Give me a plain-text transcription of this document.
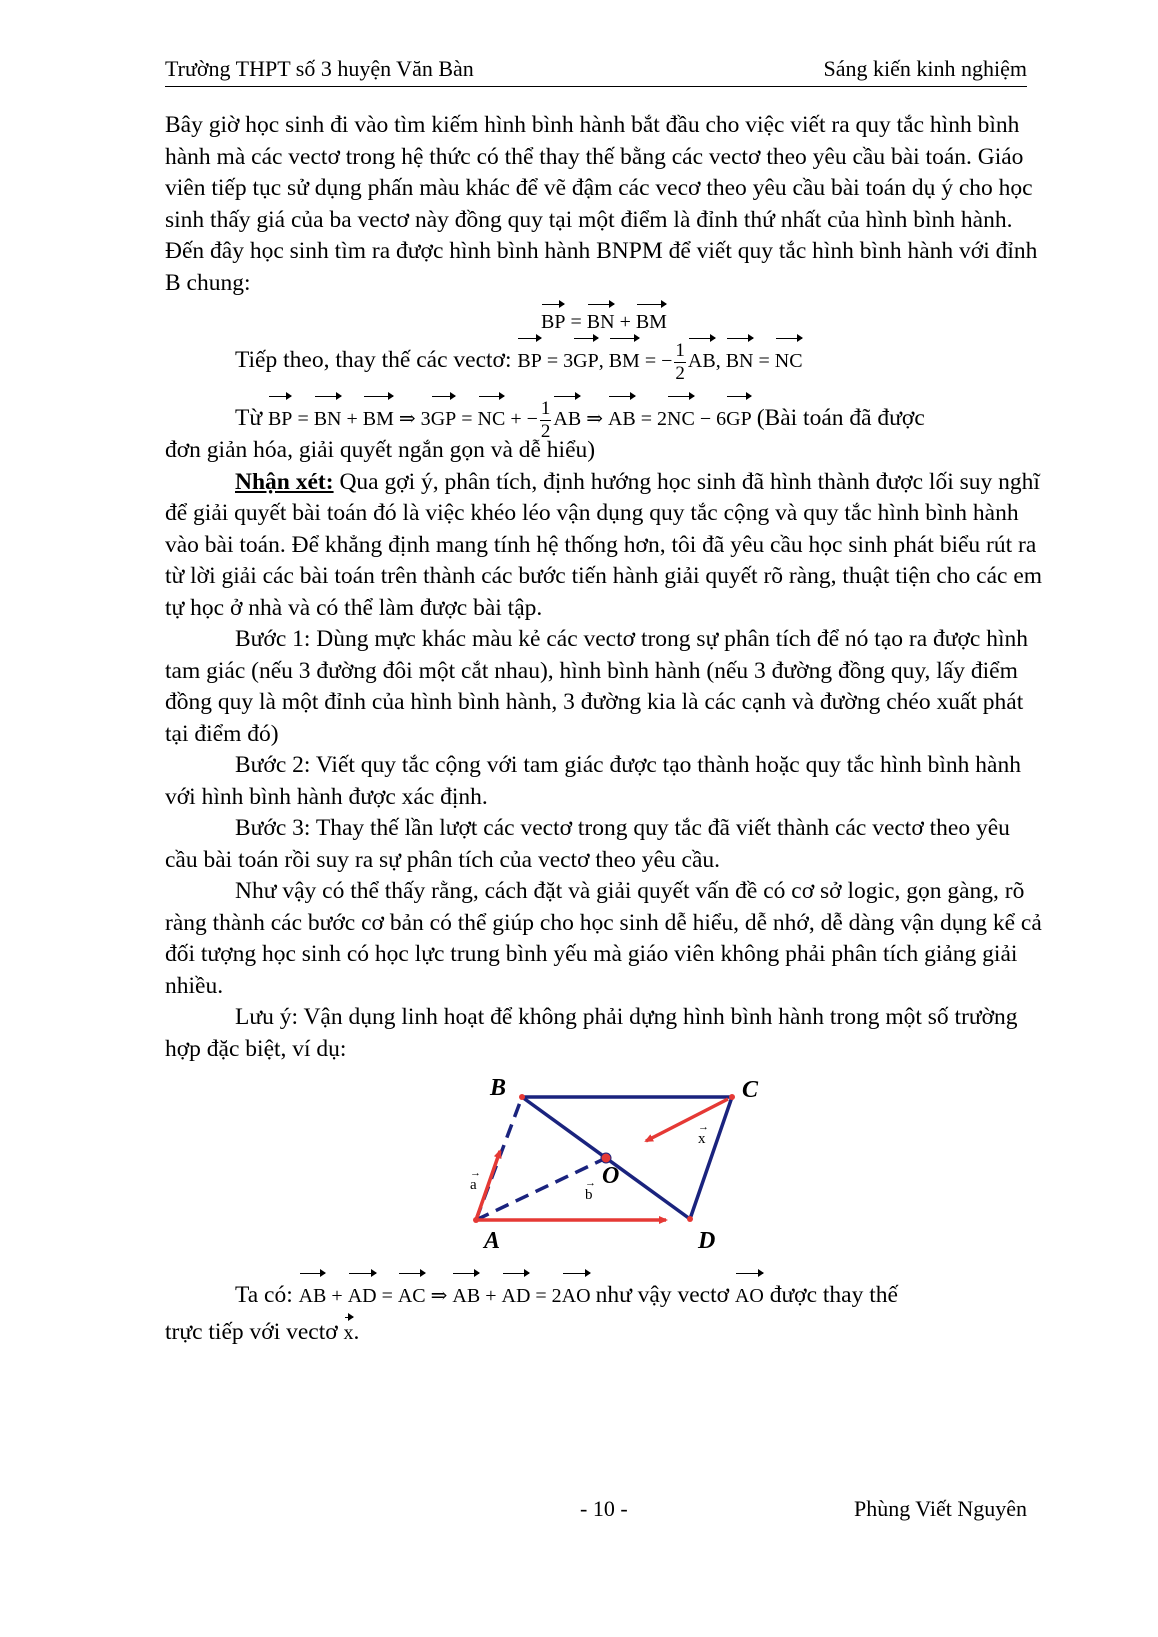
Trường THPT số 3 huyện Văn Bàn	Sáng kiến kinh nghiệm

Bây giờ học sinh đi vào tìm kiếm hình bình hành bắt đầu cho việc viết ra quy tắc hình bình hành mà các vectơ trong hệ thức có thể thay thế bằng các vectơ theo yêu cầu bài toán. Giáo viên tiếp tục sử dụng phấn màu khác để vẽ đậm các vecơ theo yêu cầu bài toán dụ ý cho học sinh thấy giá của ba vectơ này đồng quy tại một điểm là đỉnh thứ nhất của hình bình hành. Đến đây học sinh tìm ra được hình bình hành BNPM để viết quy tắc hình bình hành với đỉnh B chung:

BP = BN + BM
Tiếp theo, thay thế các vectơ: BP = 3GP, BM = − $\frac{1}{2}$ AB, BN = NC
Từ BP = BN + BM ⇒ 3GP = NC + − $\frac{1}{2}$ AB ⇒ AB = 2NC − 6GP (Bài toán đã được

đơn giản hóa, giải quyết ngắn gọn và dễ hiểu)

Nhận xét: Qua gợi ý, phân tích, định hướng học sinh đã hình thành được lối suy nghĩ để giải quyết bài toán đó là việc khéo léo vận dụng quy tắc cộng và quy tắc hình bình hành vào bài toán. Để khẳng định mang tính hệ thống hơn, tôi đã yêu cầu học sinh phát biểu rút ra từ lời giải các bài toán trên thành các bước tiến hành giải quyết rõ ràng, thuật tiện cho các em tự học ở nhà và có thể làm được bài tập.

Bước 1: Dùng mực khác màu kẻ các vectơ trong sự phân tích để nó tạo ra được hình tam giác (nếu 3 đường đôi một cắt nhau), hình bình hành (nếu 3 đường đồng quy, lấy điểm đồng quy là một đỉnh của hình bình hành, 3 đường kia là các cạnh và đường chéo xuất phát tại điểm đó)

Bước 2: Viết quy tắc cộng với tam giác được tạo thành hoặc quy tắc hình bình hành với hình bình hành được xác định.

Bước 3: Thay thế lần lượt các vectơ trong quy tắc đã viết thành các vectơ theo yêu cầu bài toán rồi suy ra sự phân tích của vectơ theo yêu cầu.

Như vậy có thể thấy rằng, cách đặt và giải quyết vấn đề có cơ sở logic, gọn gàng, rõ ràng thành các bước cơ bản có thể giúp cho học sinh dễ hiểu, dễ nhớ, dễ dàng vận dụng kể cả đối tượng học sinh có học lực trung bình yếu mà giáo viên không phải phân tích giảng giải nhiều.

Lưu ý: Vận dụng linh hoạt để không phải dựng hình bình hành trong một số trường hợp đặc biệt, ví dụ:

B	C
A	D
O
→
a	→
b
→
x
Ta có: AB + AD = AC ⇒ AB + AD = 2AO như vậy vectơ AO được thay thế

trực tiếp với vectơ x.

- 10 -	Phùng Viết Nguyên
